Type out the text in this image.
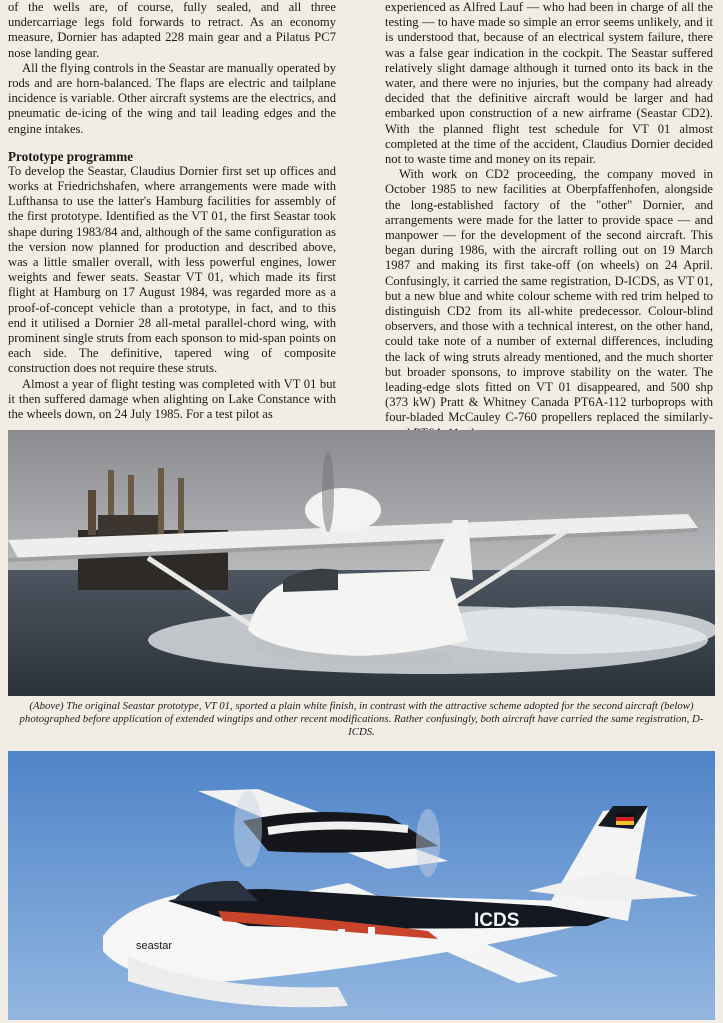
of the wells are, of course, fully sealed, and all three undercarriage legs fold forwards to retract. As an economy measure, Dornier has adapted 228 main gear and a Pilatus PC7 nose landing gear.

All the flying controls in the Seastar are manually operated by rods and are horn-balanced. The flaps are electric and tailplane incidence is variable. Other aircraft systems are the electrics, and pneumatic de-icing of the wing and tail leading edges and the engine intakes.

Prototype programme

To develop the Seastar, Claudius Dornier first set up offices and works at Friedrichshafen, where arrangements were made with Lufthansa to use the latter's Hamburg facilities for assembly of the first prototype. Identified as the VT 01, the first Seastar took shape during 1983/84 and, although of the same configuration as the version now planned for production and described above, was a little smaller overall, with less powerful engines, lower weights and fewer seats. Seastar VT 01, which made its first flight at Hamburg on 17 August 1984, was regarded more as a proof-of-concept vehicle than a prototype, in fact, and to this end it utilised a Dornier 28 all-metal parallel-chord wing, with prominent single struts from each sponson to mid-span points on each side. The definitive, tapered wing of composite construction does not require these struts.

Almost a year of flight testing was completed with VT 01 but it then suffered damage when alighting on Lake Constance with the wheels down, on 24 July 1985. For a test pilot as

experienced as Alfred Lauf — who had been in charge of all the testing — to have made so simple an error seems unlikely, and it is understood that, because of an electrical system failure, there was a false gear indication in the cockpit. The Seastar suffered relatively slight damage although it turned onto its back in the water, and there were no injuries, but the company had already decided that the definitive aircraft would be larger and had embarked upon construction of a new airframe (Seastar CD2). With the planned flight test schedule for VT 01 almost completed at the time of the accident, Claudius Dornier decided not to waste time and money on its repair.

With work on CD2 proceeding, the company moved in October 1985 to new facilities at Oberpfaffenhofen, alongside the long-established factory of the "other" Dornier, and arrangements were made for the latter to provide space — and manpower — for the development of the second aircraft. This began during 1986, with the aircraft rolling out on 19 March 1987 and making its first take-off (on wheels) on 24 April. Confusingly, it carried the same registration, D-ICDS, as VT 01, but a new blue and white colour scheme with red trim helped to distinguish CD2 from its all-white predecessor. Colour-blind observers, and those with a technical interest, on the other hand, could take note of a number of external differences, including the lack of wing struts already mentioned, and the much shorter but broader sponsons, to improve stability on the water. The leading-edge slots fitted on VT 01 disappeared, and 500 shp (373 kW) Pratt & Whitney Canada PT6A-112 turboprops with four-bladed McCauley C-760 propellers replaced the similarly-

(Above) The original Seastar prototype, VT 01, sported a plain white finish, in contrast with the attractive scheme adopted for the second aircraft (below) photographed before application of extended wingtips and other recent modifications. Rather confusingly, both aircraft have carried the same registration, D-ICDS.
seastar
ICDS
